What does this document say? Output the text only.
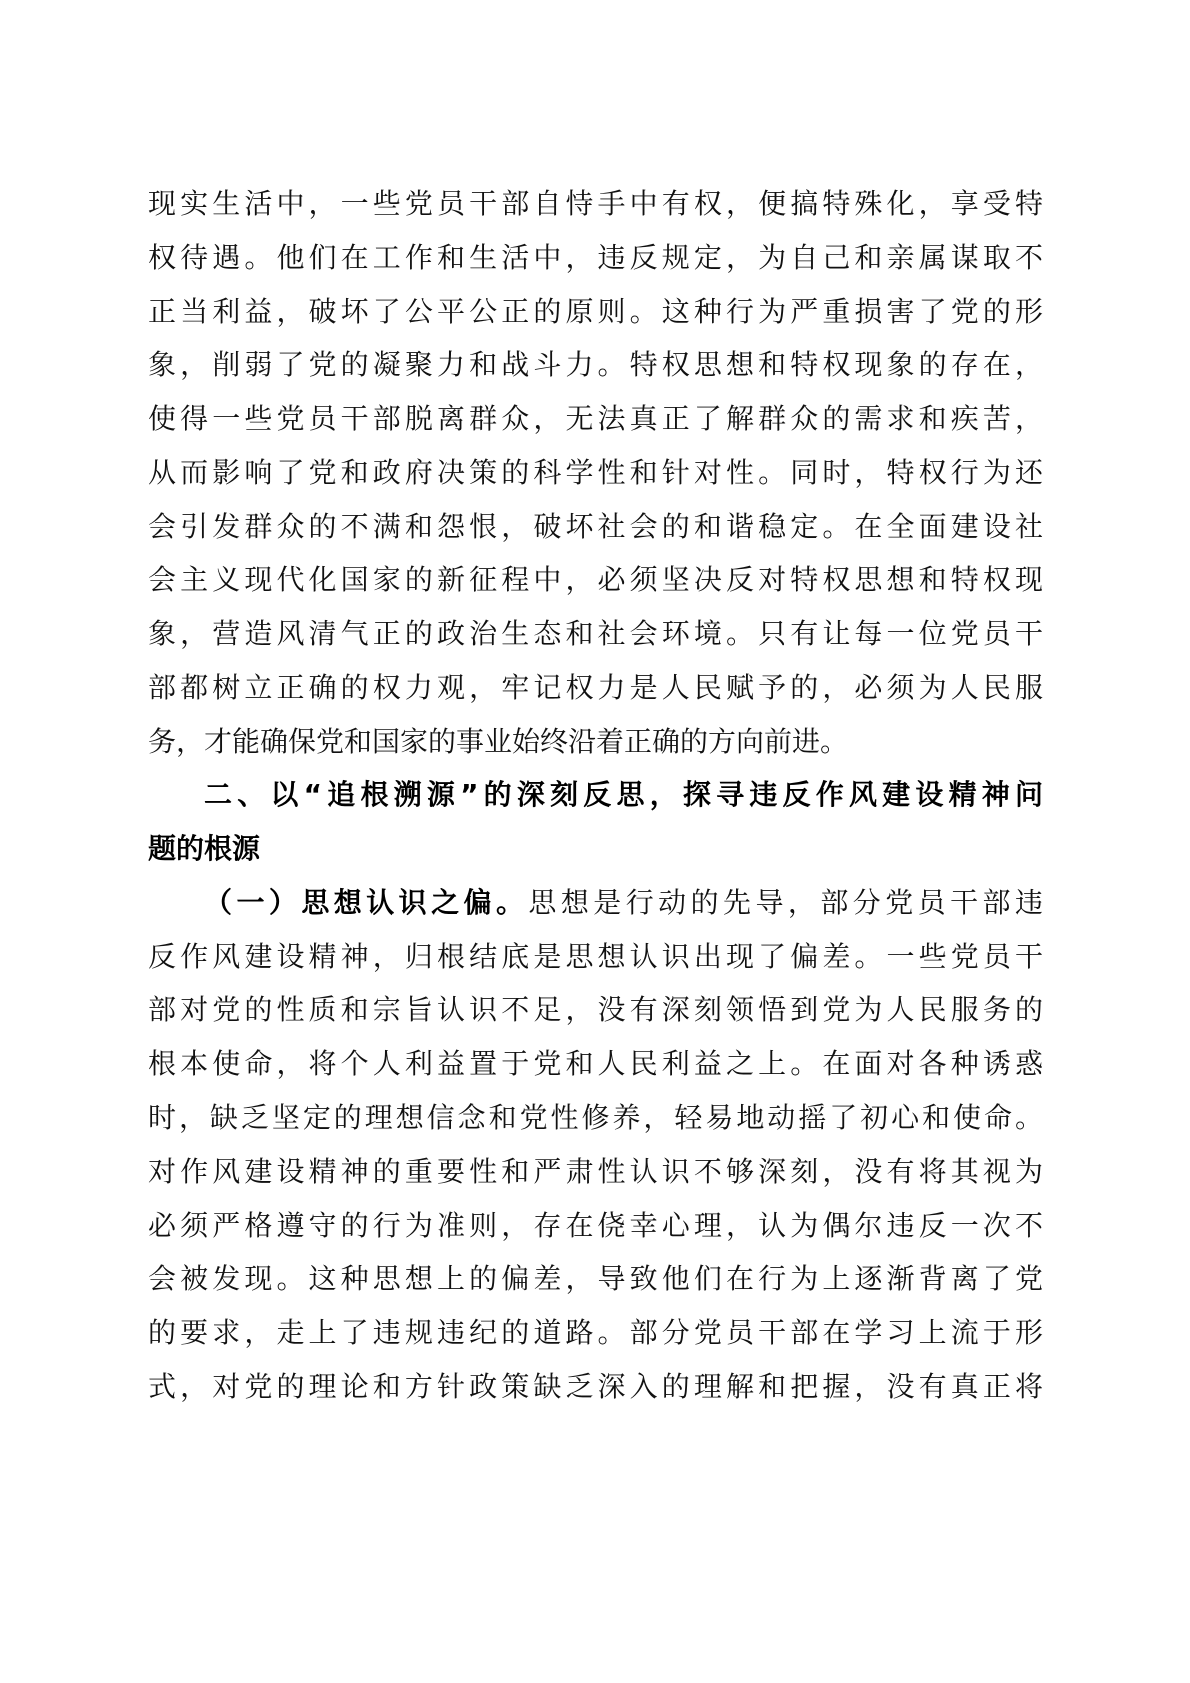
现实生活中，一些党员干部自恃手中有权，便搞特殊化，享受特
权待遇。他们在工作和生活中，违反规定，为自己和亲属谋取不
正当利益，破坏了公平公正的原则。这种行为严重损害了党的形
象，削弱了党的凝聚力和战斗力。特权思想和特权现象的存在，
使得一些党员干部脱离群众，无法真正了解群众的需求和疾苦，
从而影响了党和政府决策的科学性和针对性。同时，特权行为还
会引发群众的不满和怨恨，破坏社会的和谐稳定。在全面建设社
会主义现代化国家的新征程中，必须坚决反对特权思想和特权现
象，营造风清气正的政治生态和社会环境。只有让每一位党员干
部都树立正确的权力观，牢记权力是人民赋予的，必须为人民服
务，才能确保党和国家的事业始终沿着正确的方向前进。
二、以“追根溯源”的深刻反思，探寻违反作风建设精神问
题的根源
（一）思想认识之偏。思想是行动的先导，部分党员干部违
反作风建设精神，归根结底是思想认识出现了偏差。一些党员干
部对党的性质和宗旨认识不足，没有深刻领悟到党为人民服务的
根本使命，将个人利益置于党和人民利益之上。在面对各种诱惑
时，缺乏坚定的理想信念和党性修养，轻易地动摇了初心和使命。
对作风建设精神的重要性和严肃性认识不够深刻，没有将其视为
必须严格遵守的行为准则，存在侥幸心理，认为偶尔违反一次不
会被发现。这种思想上的偏差，导致他们在行为上逐渐背离了党
的要求，走上了违规违纪的道路。部分党员干部在学习上流于形
式，对党的理论和方针政策缺乏深入的理解和把握，没有真正将
